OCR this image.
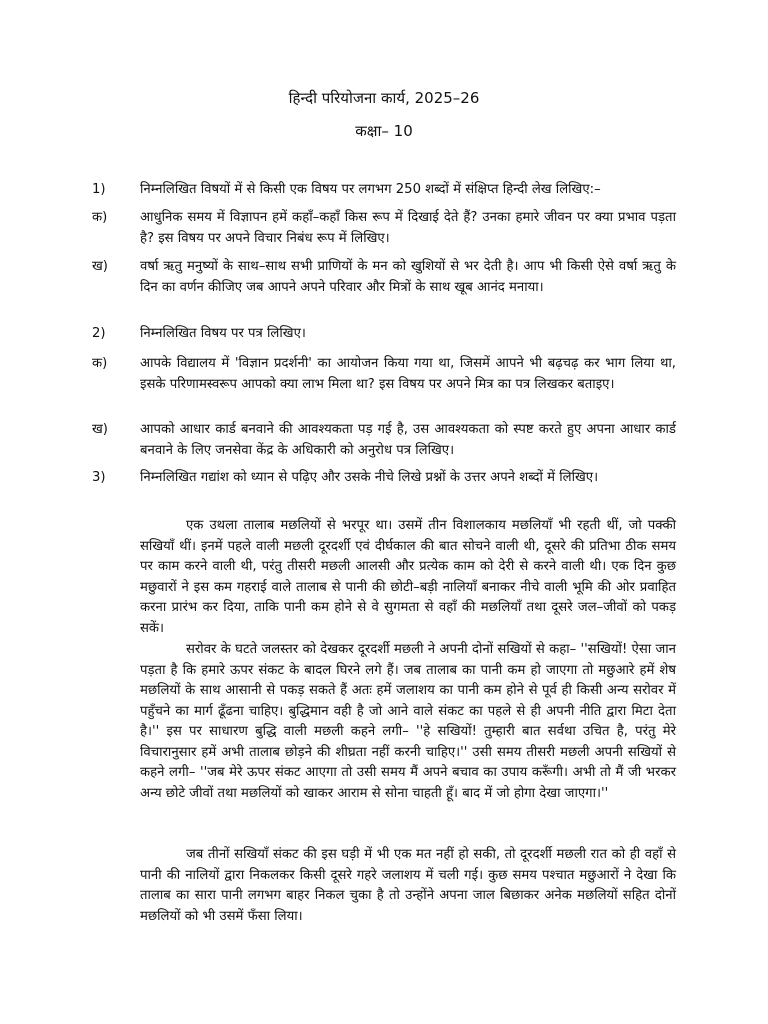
हिन्दी परियोजना कार्य, 2025–26
कक्षा– 10
1)	निम्नलिखित विषयों में से किसी एक विषय पर लगभग 250 शब्दों में संक्षिप्त हिन्दी लेख लिखिए:–
क) आधुनिक समय में विज्ञापन हमें कहाँ–कहाँ किस रूप में दिखाई देते हैं? उनका हमारे जीवन पर क्या प्रभाव पड़ता है? इस विषय पर अपने विचार निबंध रूप में लिखिए।
ख) वर्षा ऋतु मनुष्यों के साथ–साथ सभी प्राणियों के मन को खुशियों से भर देती है। आप भी किसी ऐसे वर्षा ऋतु के दिन का वर्णन कीजिए जब आपने अपने परिवार और मित्रों के साथ खूब आनंद मनाया।
2)	निम्नलिखित विषय पर पत्र लिखिए।
क) आपके विद्यालय में 'विज्ञान प्रदर्शनी' का आयोजन किया गया था, जिसमें आपने भी बढ़चढ़ कर भाग लिया था, इसके परिणामस्वरूप आपको क्या लाभ मिला था? इस विषय पर अपने मित्र का पत्र लिखकर बताइए।
ख) आपको आधार कार्ड बनवाने की आवश्यकता पड़ गई है, उस आवश्यकता को स्पष्ट करते हुए अपना आधार कार्ड बनवाने के लिए जनसेवा केंद्र के अधिकारी को अनुरोध पत्र लिखिए।
3)	निम्नलिखित गद्यांश को ध्यान से पढ़िए और उसके नीचे लिखे प्रश्नों के उत्तर अपने शब्दों में लिखिए।
एक उथला तालाब मछलियों से भरपूर था। उसमें तीन विशालकाय मछलियाँ भी रहती थीं, जो पक्की सखियाँ थीं। इनमें पहले वाली मछली दूरदर्शी एवं दीर्घकाल की बात सोचने वाली थी, दूसरे की प्रतिभा ठीक समय पर काम करने वाली थी, परंतु तीसरी मछली आलसी और प्रत्येक काम को देरी से करने वाली थी। एक दिन कुछ मछुवारों ने इस कम गहराई वाले तालाब से पानी की छोटी–बड़ी नालियाँ बनाकर नीचे वाली भूमि की ओर प्रवाहित करना प्रारंभ कर दिया, ताकि पानी कम होने से वे सुगमता से वहाँ की मछलियाँ तथा दूसरे जल–जीवों को पकड़ सकें।
सरोवर के घटते जलस्तर को देखकर दूरदर्शी मछली ने अपनी दोनों सखियों से कहा– ''सखियों! ऐसा जान पड़ता है कि हमारे ऊपर संकट के बादल घिरने लगे हैं। जब तालाब का पानी कम हो जाएगा तो मछुआरे हमें शेष मछलियों के साथ आसानी से पकड़ सकते हैं अतः हमें जलाशय का पानी कम होने से पूर्व ही किसी अन्य सरोवर में पहुँचने का मार्ग ढूँढना चाहिए। बुद्धिमान वही है जो आने वाले संकट का पहले से ही अपनी नीति द्वारा मिटा देता है।'' इस पर साधारण बुद्धि वाली मछली कहने लगी– ''हे सखियों! तुम्हारी बात सर्वथा उचित है, परंतु मेरे विचारानुसार हमें अभी तालाब छोड़ने की शीघ्रता नहीं करनी चाहिए।'' उसी समय तीसरी मछली अपनी सखियों से कहने लगी– ''जब मेरे ऊपर संकट आएगा तो उसी समय मैं अपने बचाव का उपाय करूँगी। अभी तो मैं जी भरकर अन्य छोटे जीवों तथा मछलियों को खाकर आराम से सोना चाहती हूँ। बाद में जो होगा देखा जाएगा।''
जब तीनों सखियाँ संकट की इस घड़ी में भी एक मत नहीं हो सकी, तो दूरदर्शी मछली रात को ही वहाँ से पानी की नालियों द्वारा निकलकर किसी दूसरे गहरे जलाशय में चली गई। कुछ समय पश्चात मछुआरों ने देखा कि तालाब का सारा पानी लगभग बाहर निकल चुका है तो उन्होंने अपना जाल बिछाकर अनेक मछलियों सहित दोनों मछलियों को भी उसमें फँसा लिया।
